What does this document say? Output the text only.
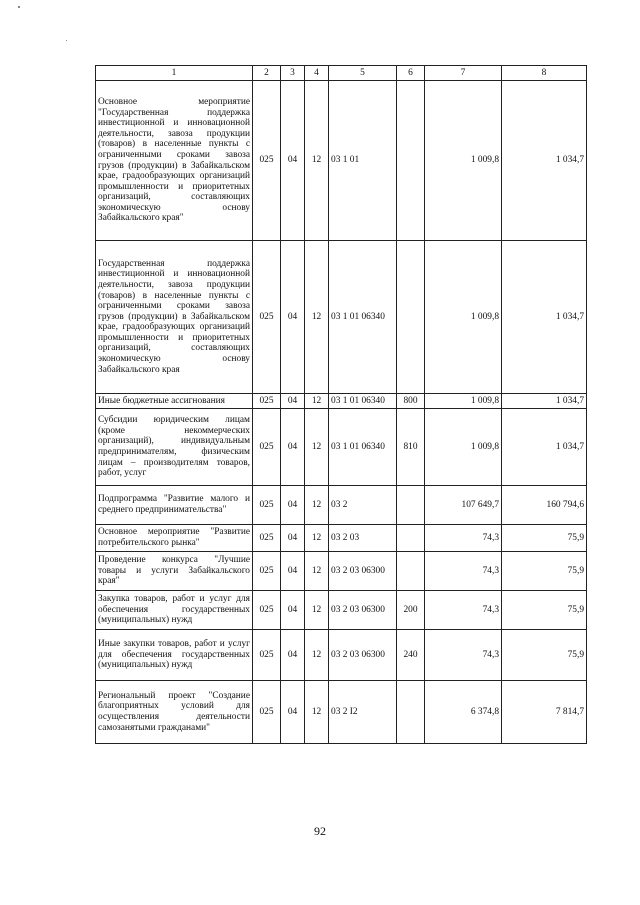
1	2	3	4	5	6	7	8
Основное мероприятие "Государственная поддержка инвестиционной и инновационной деятельности, завоза продукции (товаров) в населенные пункты с ограниченными сроками завоза грузов (продукции) в Забайкальском крае, градообразующих организаций промышленности и приоритетных организаций, составляющих экономическую основу Забайкальского края"	025	04	12	03 1 01		1 009,8	1 034,7
Государственная поддержка инвестиционной и инновационной деятельности, завоза продукции (товаров) в населенные пункты с ограниченными сроками завоза грузов (продукции) в Забайкальском крае, градообразующих организаций промышленности и приоритетных организаций, составляющих экономическую основу Забайкальского края	025	04	12	03 1 01 06340		1 009,8	1 034,7
Иные бюджетные ассигнования	025	04	12	03 1 01 06340	800	1 009,8	1 034,7
Субсидии юридическим лицам (кроме некоммерческих организаций), индивидуальным предпринимателям, физическим лицам – производителям товаров, работ, услуг	025	04	12	03 1 01 06340	810	1 009,8	1 034,7
Подпрограмма "Развитие малого и среднего предпринимательства"	025	04	12	03 2		107 649,7	160 794,6
Основное мероприятие "Развитие потребительского рынка"	025	04	12	03 2 03		74,3	75,9
Проведение конкурса "Лучшие товары и услуги Забайкальского края"	025	04	12	03 2 03 06300		74,3	75,9
Закупка товаров, работ и услуг для обеспечения государственных (муниципальных) нужд	025	04	12	03 2 03 06300	200	74,3	75,9
Иные закупки товаров, работ и услуг для обеспечения государственных (муниципальных) нужд	025	04	12	03 2 03 06300	240	74,3	75,9
Региональный проект "Создание благоприятных условий для осуществления деятельности самозанятыми гражданами"	025	04	12	03 2 I2		6 374,8	7 814,7
92
